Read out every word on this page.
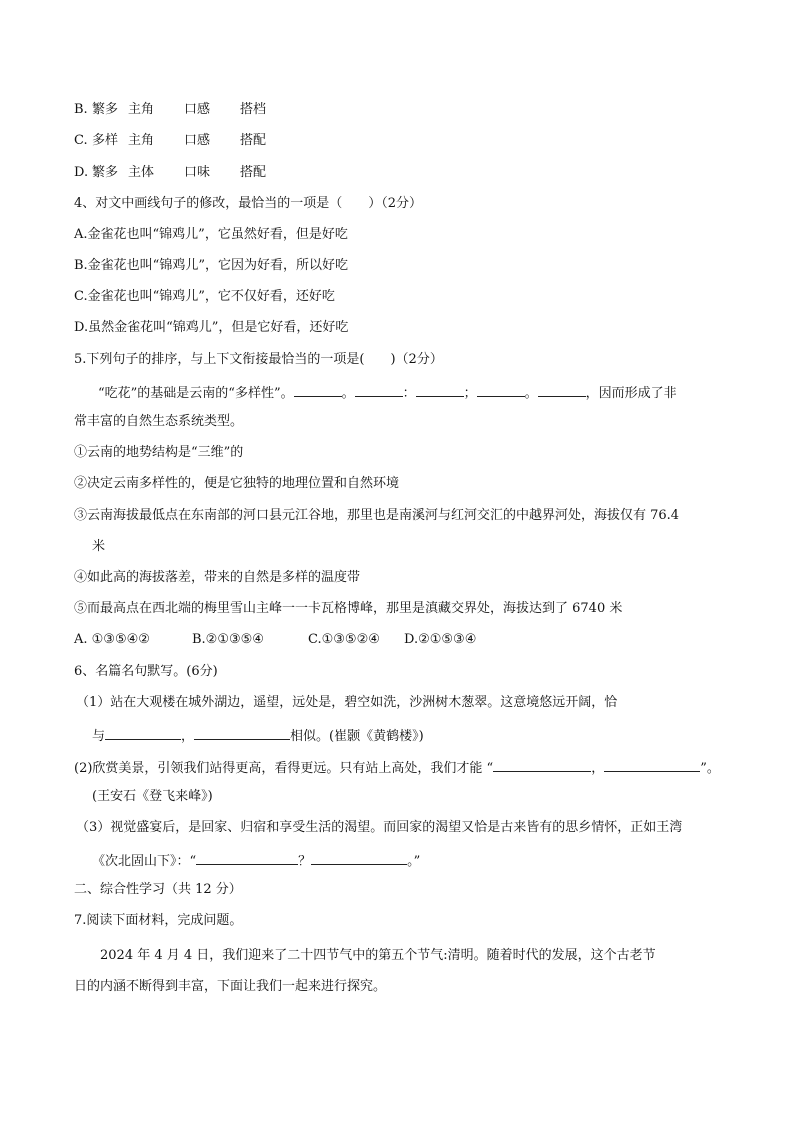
B. 繁多 主角 口感 搭档
C. 多样 主角 口感 搭配
D. 繁多 主体 口味 搭配
4、对文中画线句子的修改，最恰当的一项是（　　）（2分）
A.金雀花也叫“锦鸡儿”，它虽然好看，但是好吃
B.金雀花也叫“锦鸡儿”，它因为好看，所以好吃
C.金雀花也叫“锦鸡儿”，它不仅好看，还好吃
D.虽然金雀花叫“锦鸡儿”，但是它好看，还好吃
5.下列句子的排序，与上下文衔接最恰当的一项是(　　)（2分）
“吃花”的基础是云南的“多样性”。	。	：	；	。	，因而形成了非
常丰富的自然生态系统类型。
①云南的地势结构是“三维”的
②决定云南多样性的，便是它独特的地理位置和自然环境
③云南海拔最低点在东南部的河口县元江谷地，那里也是南溪河与红河交汇的中越界河处，海拔仅有 76.4
米
④如此高的海拔落差，带来的自然是多样的温度带
⑤而最高点在西北端的梅里雪山主峰一一卡瓦格博峰，那里是滇藏交界处，海拔达到了 6740 米
A. ①③⑤④②	B.②①③⑤④	C.①③⑤②④ D.②①⑤③④
6、名篇名句默写。(6分)
（1）站在大观楼在城外湖边，遥望，远处是，碧空如洗，沙洲树木葱翠。这意境悠远开阔，恰
与	，	相似。(崔颢《黄鹤楼》)
(2)欣赏美景，引领我们站得更高，看得更远。只有站上高处，我们才能 “	，	”。
(王安石《登飞来峰》)
（3）视觉盛宴后，是回家、归宿和享受生活的渴望。而回家的渴望又恰是古来皆有的思乡情怀，正如王湾
《次北固山下》：“	？	。”
二、综合性学习（共 12 分）
7.阅读下面材料，完成问题。
2024 年 4 月 4 日，我们迎来了二十四节气中的第五个节气:清明。随着时代的发展，这个古老节
日的内涵不断得到丰富，下面让我们一起来进行探究。
